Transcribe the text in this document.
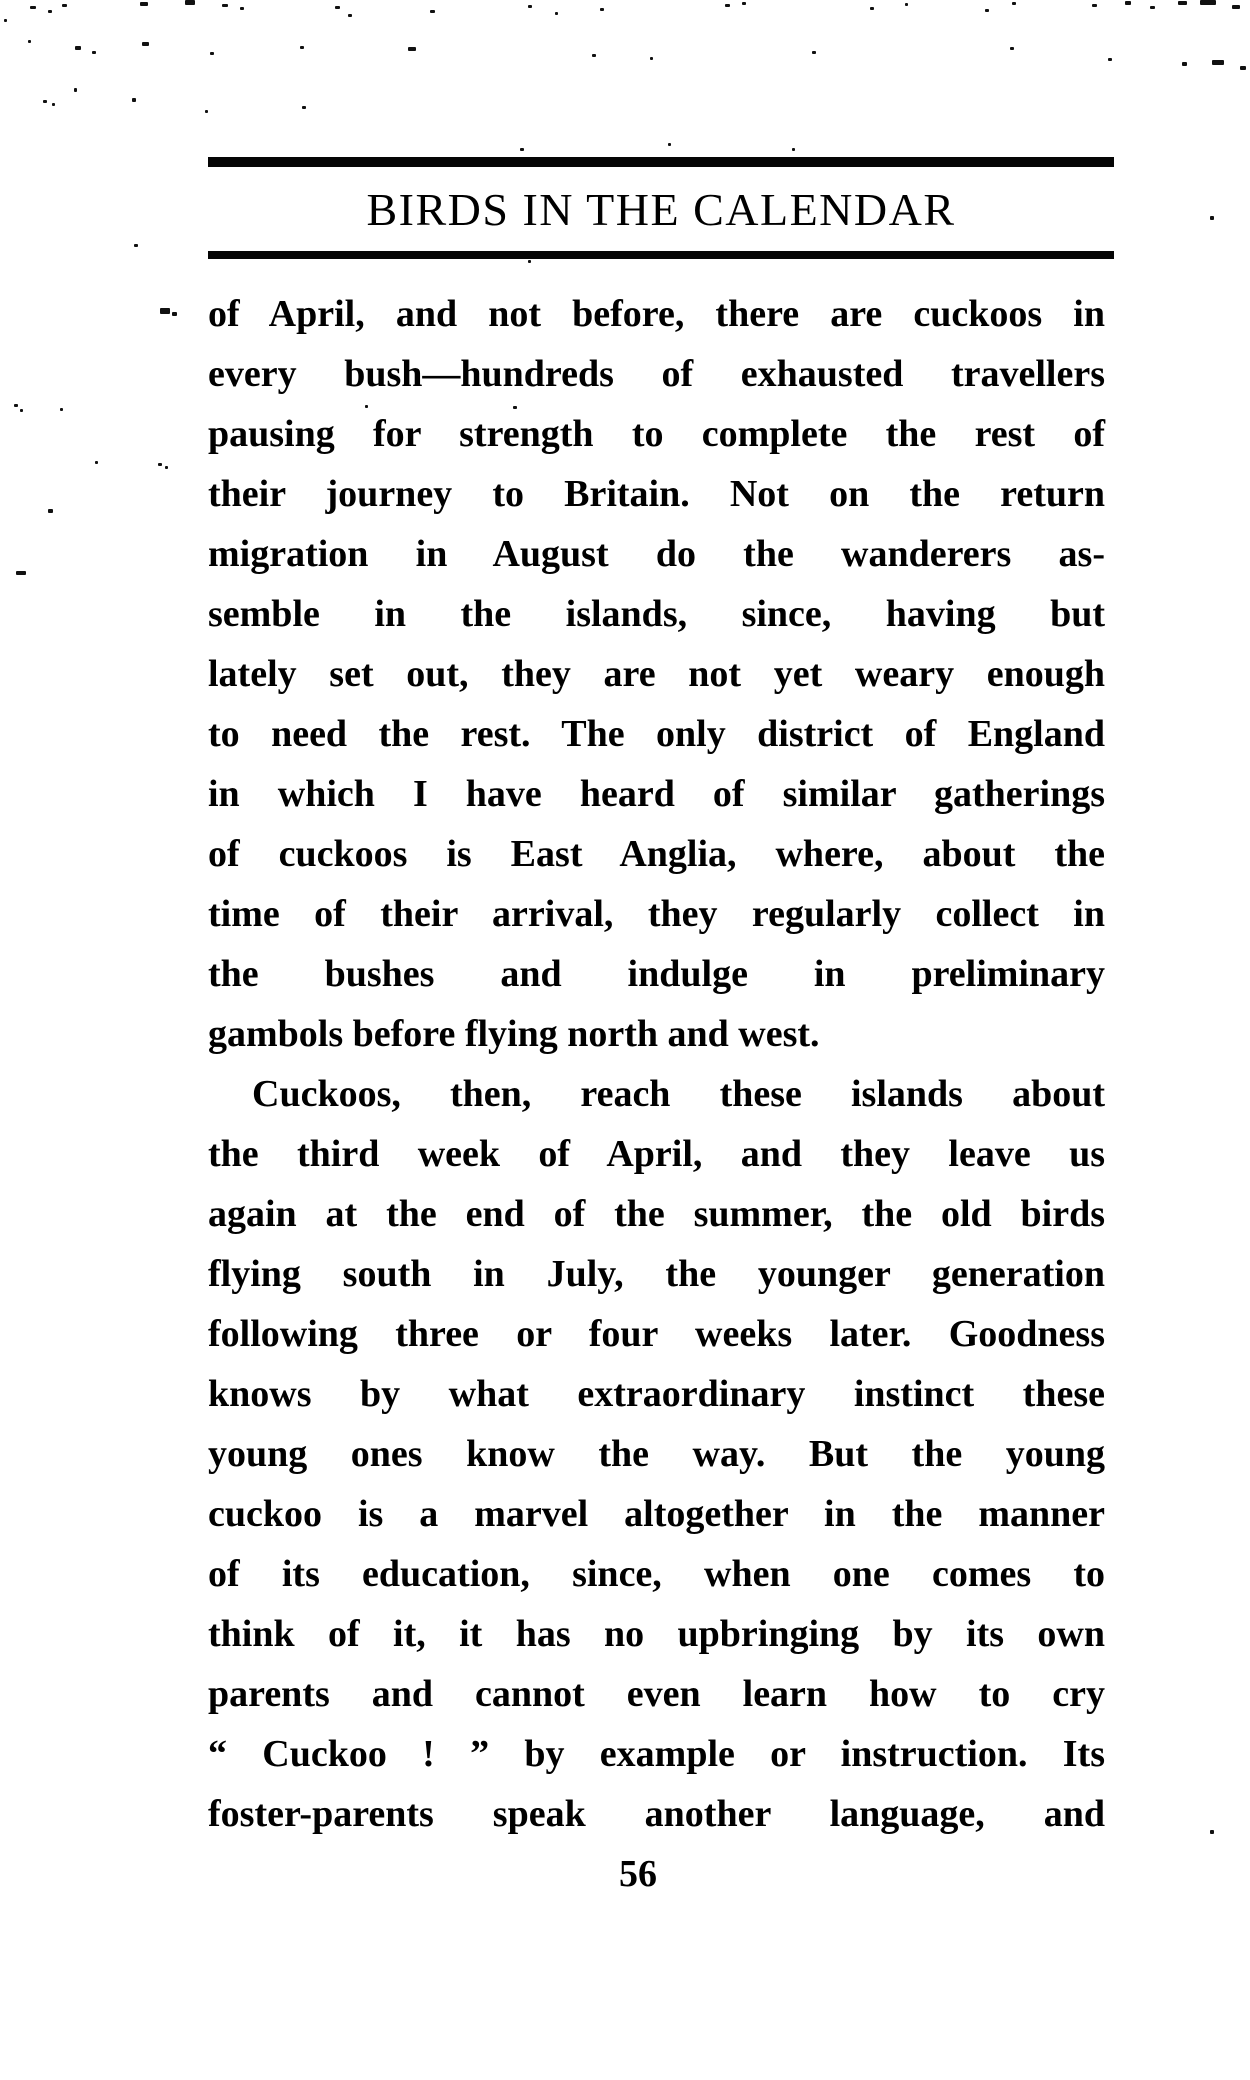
BIRDS IN THE CALENDAR
of April, and not before, there are cuckoos in
every bush—hundreds of exhausted travellers
pausing for strength to complete the rest of
their journey to Britain. Not on the return
migration in August do the wanderers as-
semble in the islands, since, having but
lately set out, they are not yet weary enough
to need the rest. The only district of England
in which I have heard of similar gatherings
of cuckoos is East Anglia, where, about the
time of their arrival, they regularly collect in
the bushes and indulge in preliminary
gambols before flying north and west.
Cuckoos, then, reach these islands about
the third week of April, and they leave us
again at the end of the summer, the old birds
flying south in July, the younger generation
following three or four weeks later. Goodness
knows by what extraordinary instinct these
young ones know the way. But the young
cuckoo is a marvel altogether in the manner
of its education, since, when one comes to
think of it, it has no upbringing by its own
parents and cannot even learn how to cry
“ Cuckoo ! ” by example or instruction. Its
foster-parents speak another language, and
56
